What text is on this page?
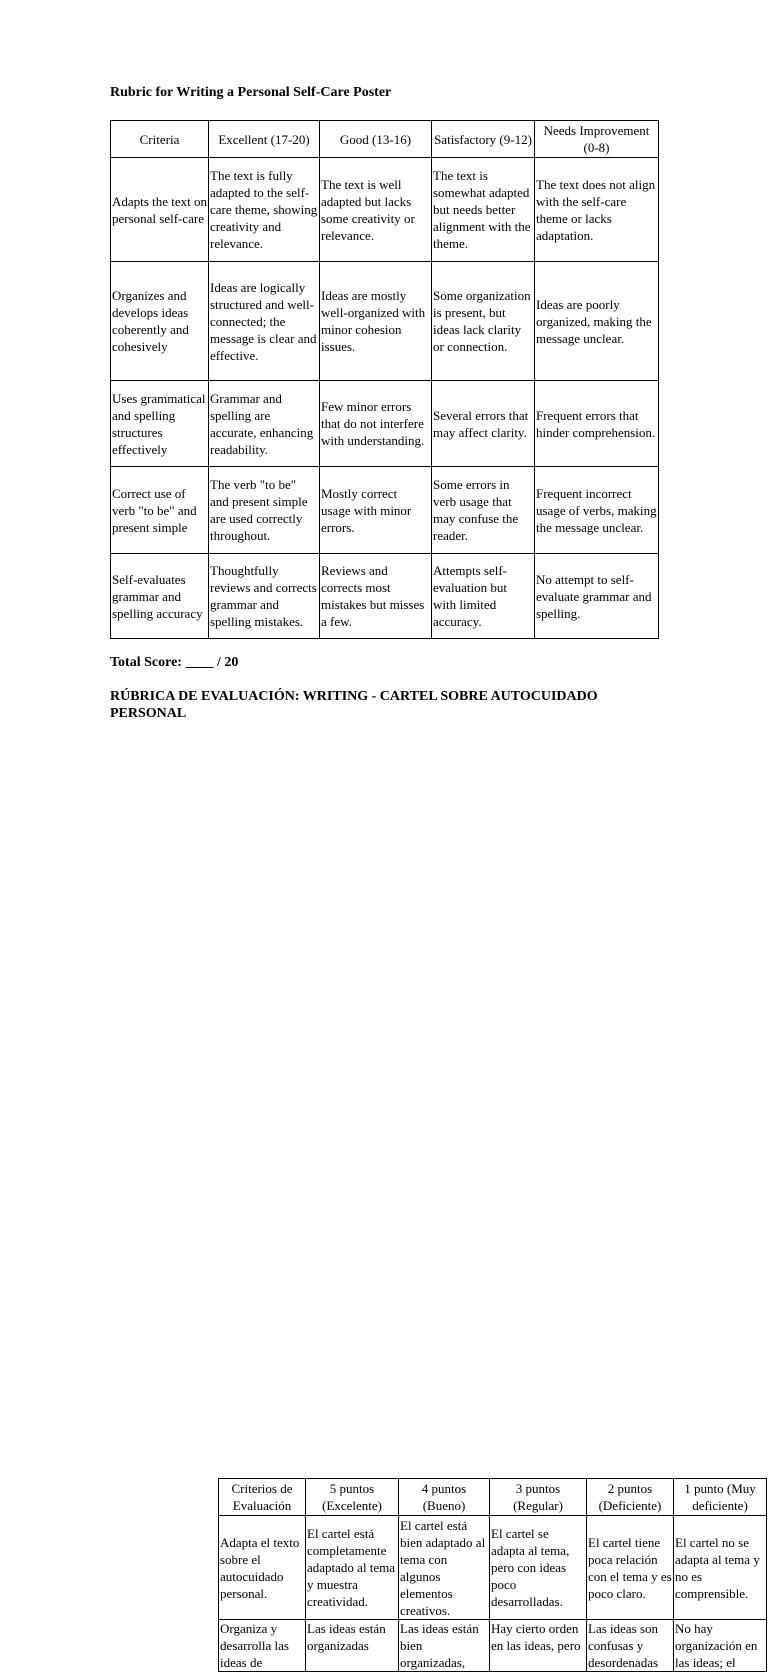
Rubric for Writing a Personal Self-Care Poster
Criteria	Excellent (17-20)	Good (13-16)	Satisfactory (9-12)	Needs Improvement (0-8)
Adapts the text on personal self-care	The text is fully adapted to the self-care theme, showing creativity and relevance.	The text is well adapted but lacks some creativity or relevance.	The text is somewhat adapted but needs better alignment with the theme.	The text does not align with the self-care theme or lacks adaptation.
Organizes and develops ideas coherently and cohesively	Ideas are logically structured and well-connected; the message is clear and effective.	Ideas are mostly well-organized with minor cohesion issues.	Some organization is present, but ideas lack clarity or connection.	Ideas are poorly organized, making the message unclear.
Uses grammatical and spelling structures effectively	Grammar and spelling are accurate, enhancing readability.	Few minor errors that do not interfere with understanding.	Several errors that may affect clarity.	Frequent errors that hinder comprehension.
Correct use of verb "to be" and present simple	The verb "to be" and present simple are used correctly throughout.	Mostly correct usage with minor errors.	Some errors in verb usage that may confuse the reader.	Frequent incorrect usage of verbs, making the message unclear.
Self-evaluates grammar and spelling accuracy	Thoughtfully reviews and corrects grammar and spelling mistakes.	Reviews and corrects most mistakes but misses a few.	Attempts self-evaluation but with limited accuracy.	No attempt to self-evaluate grammar and spelling.
Total Score: ____ / 20
RÚBRICA DE EVALUACIÓN: WRITING - CARTEL SOBRE AUTOCUIDADO PERSONAL
Criterios de Evaluación	5 puntos (Excelente)	4 puntos (Bueno)	3 puntos (Regular)	2 puntos (Deficiente)	1 punto (Muy deficiente)
Adapta el texto sobre el autocuidado personal.	El cartel está completamente adaptado al tema y muestra creatividad.	El cartel está bien adaptado al tema con algunos elementos creativos.	El cartel se adapta al tema, pero con ideas poco desarrolladas.	El cartel tiene poca relación con el tema y es poco claro.	El cartel no se adapta al tema y no es comprensible.
Organiza y desarrolla las ideas de	Las ideas están organizadas	Las ideas están bien organizadas,	Hay cierto orden en las ideas, pero	Las ideas son confusas y desordenadas	No hay organización en las ideas; el
